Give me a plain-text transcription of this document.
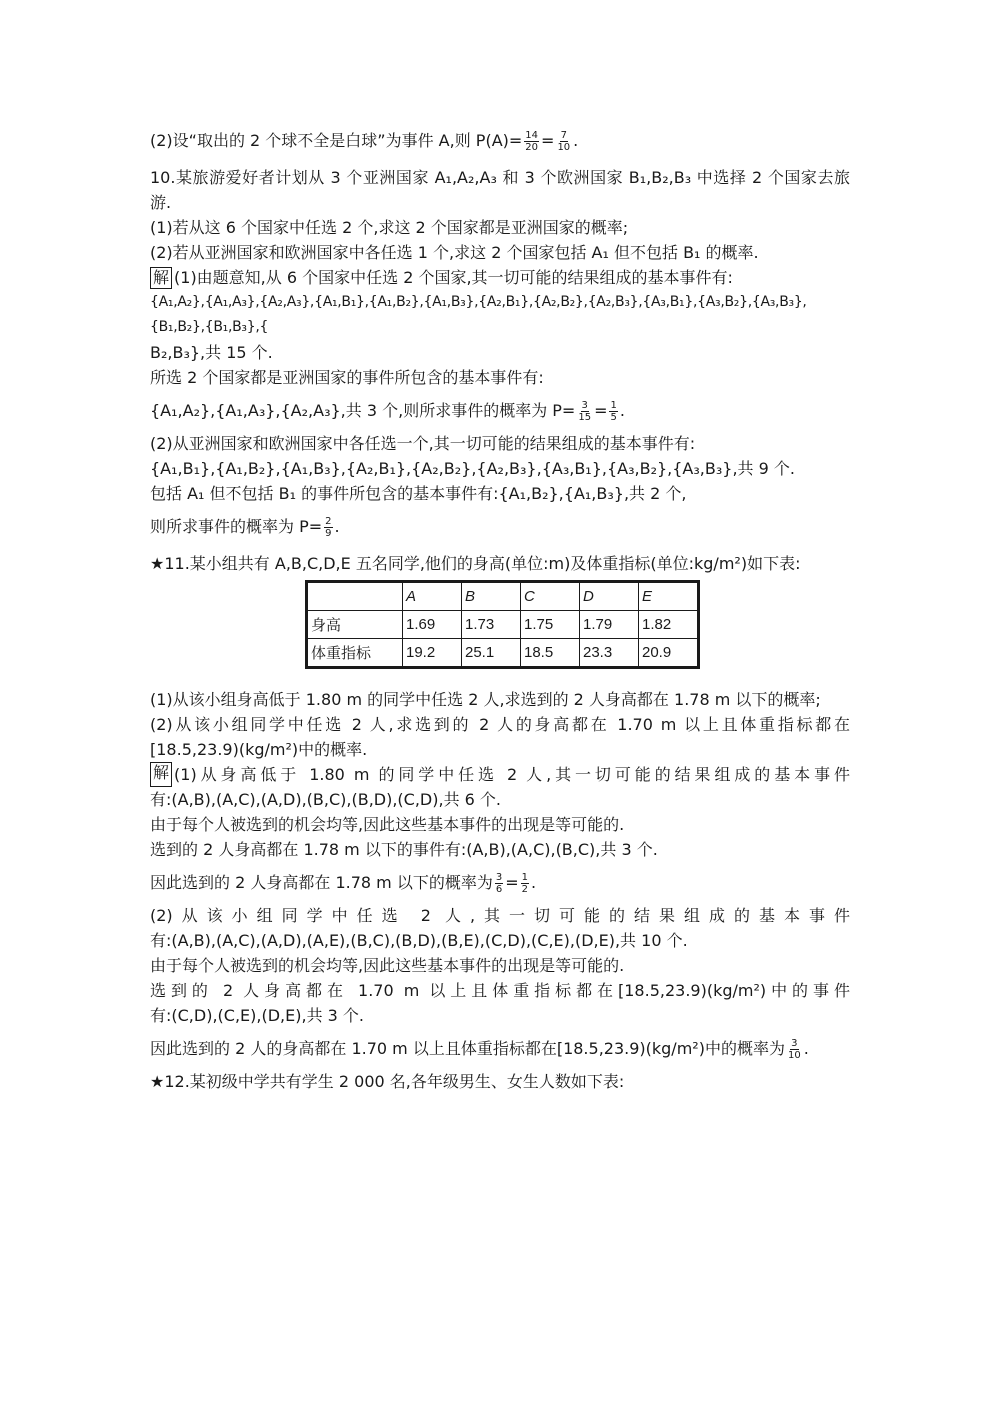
(2)设“取出的 2 个球不全是白球”为事件 A,则 $P(A)= \frac{14}{20} = \frac{7}{10}$ .

10.某旅游爱好者计划从 3 个亚洲国家 A₁,A₂,A₃ 和 3 个欧洲国家 B₁,B₂,B₃ 中选择 2 个国家去旅

游.

(1)若从这 6 个国家中任选 2 个,求这 2 个国家都是亚洲国家的概率;

(2)若从亚洲国家和欧洲国家中各任选 1 个,求这 2 个国家包括 A₁ 但不包括 B₁ 的概率.

解 (1)由题意知,从 6 个国家中任选 2 个国家,其一切可能的结果组成的基本事件有:

{A₁,A₂},{A₁,A₃},{A₂,A₃},{A₁,B₁},{A₁,B₂},{A₁,B₃},{A₂,B₁},{A₂,B₂},{A₂,B₃},{A₃,B₁},{A₃,B₂},{A₃,B₃},{B₁,B₂},{B₁,B₃},{

B₂,B₃},共 15 个.

所选 2 个国家都是亚洲国家的事件所包含的基本事件有:

{A₁,A₂},{A₁,A₃},{A₂,A₃},共 3 个,则所求事件的概率为 $P= \frac{3}{15} = \frac{1}{5}$ .

(2)从亚洲国家和欧洲国家中各任选一个,其一切可能的结果组成的基本事件有:

{A₁,B₁},{A₁,B₂},{A₁,B₃},{A₂,B₁},{A₂,B₂},{A₂,B₃},{A₃,B₁},{A₃,B₂},{A₃,B₃},共 9 个.

包括 A₁ 但不包括 B₁ 的事件所包含的基本事件有:{A₁,B₂},{A₁,B₃},共 2 个,

则所求事件的概率为 $P= \frac{2}{9}$ .

★11.某小组共有 A,B,C,D,E 五名同学,他们的身高(单位:m)及体重指标(单位:kg/m²)如下表:

	A	B	C	D	E
身高	1.69	1.73	1.75	1.79	1.82
体重指标	19.2	25.1	18.5	23.3	20.9

(1)从该小组身高低于 1.80 m 的同学中任选 2 人,求选到的 2 人身高都在 1.78 m 以下的概率;

(2)从该小组同学中任选 2 人,求选到的 2 人的身高都在 1.70 m 以上且体重指标都在

[18.5,23.9)(kg/m²)中的概率.

解 (1)从身高低于 1.80 m 的同学中任选 2 人,其一切可能的结果组成的基本事件

有:(A,B),(A,C),(A,D),(B,C),(B,D),(C,D),共 6 个.

由于每个人被选到的机会均等,因此这些基本事件的出现是等可能的.

选到的 2 人身高都在 1.78 m 以下的事件有:(A,B),(A,C),(B,C),共 3 个.

因此选到的 2 人身高都在 1.78 m 以下的概率为 $\frac{3}{6} = \frac{1}{2}$ .

(2)从该小组同学中任选 2 人,其一切可能的结果组成的基本事件

有:(A,B),(A,C),(A,D),(A,E),(B,C),(B,D),(B,E),(C,D),(C,E),(D,E),共 10 个.

由于每个人被选到的机会均等,因此这些基本事件的出现是等可能的.

选到的 2 人身高都在 1.70 m 以上且体重指标都在[18.5,23.9)(kg/m²)中的事件

有:(C,D),(C,E),(D,E),共 3 个.

因此选到的 2 人的身高都在 1.70 m 以上且体重指标都在[18.5,23.9)(kg/m²)中的概率为 $\frac{3}{10}$ .

★12.某初级中学共有学生 2 000 名,各年级男生、女生人数如下表:
